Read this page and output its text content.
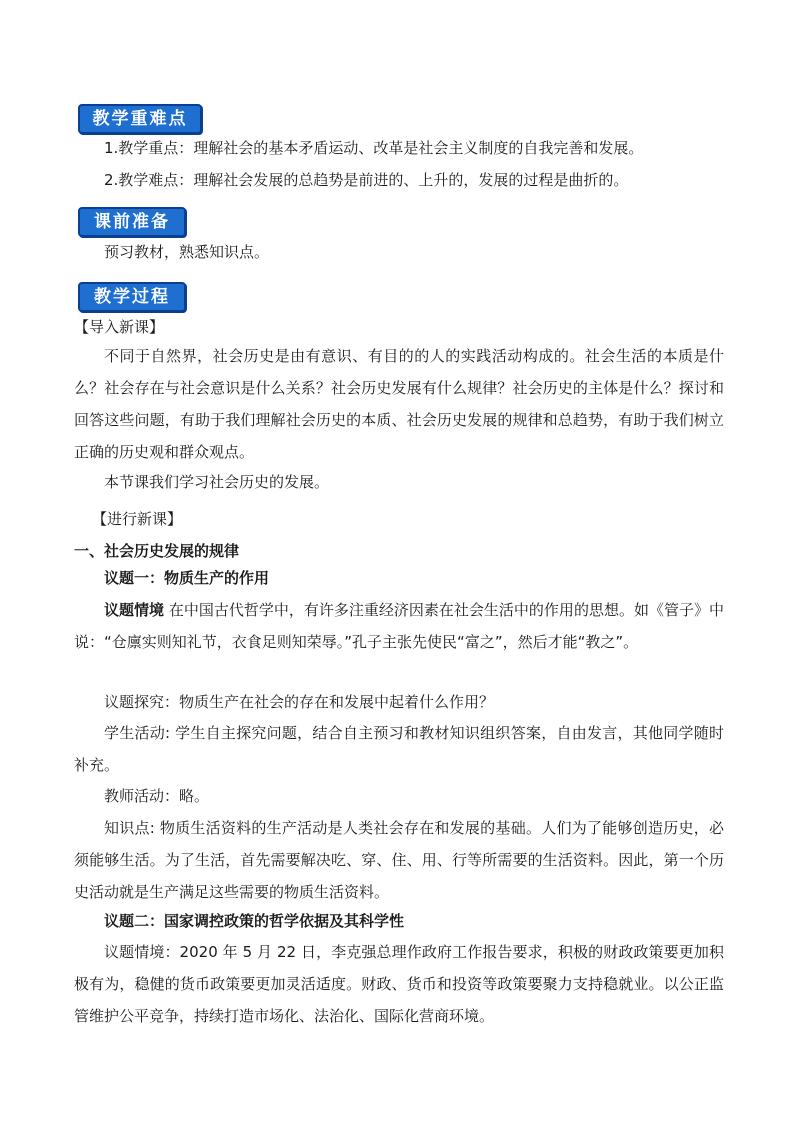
教学重难点
1.教学重点：理解社会的基本矛盾运动、改革是社会主义制度的自我完善和发展。
2.教学难点：理解社会发展的总趋势是前进的、上升的，发展的过程是曲折的。
课前准备
预习教材，熟悉知识点。
教学过程
【导入新课】
不同于自然界，社会历史是由有意识、有目的的人的实践活动构成的。社会生活的本质是什么？社会存在与社会意识是什么关系？社会历史发展有什么规律？社会历史的主体是什么？探讨和回答这些问题，有助于我们理解社会历史的本质、社会历史发展的规律和总趋势，有助于我们树立正确的历史观和群众观点。
本节课我们学习社会历史的发展。
【进行新课】
一、社会历史发展的规律
议题一：物质生产的作用
议题情境 在中国古代哲学中，有许多注重经济因素在社会生活中的作用的思想。如《管子》中说：“仓廪实则知礼节，衣食足则知荣辱。”孔子主张先使民“富之”，然后才能“教之”。
议题探究：物质生产在社会的存在和发展中起着什么作用？
学生活动: 学生自主探究问题，结合自主预习和教材知识组织答案，自由发言，其他同学随时补充。
教师活动：略。
知识点: 物质生活资料的生产活动是人类社会存在和发展的基础。人们为了能够创造历史，必须能够生活。为了生活，首先需要解决吃、穿、住、用、行等所需要的生活资料。因此，第一个历史活动就是生产满足这些需要的物质生活资料。
议题二：国家调控政策的哲学依据及其科学性
议题情境：2020 年 5 月 22 日，李克强总理作政府工作报告要求，积极的财政政策要更加积极有为，稳健的货币政策要更加灵活适度。财政、货币和投资等政策要聚力支持稳就业。以公正监管维护公平竞争，持续打造市场化、法治化、国际化营商环境。
